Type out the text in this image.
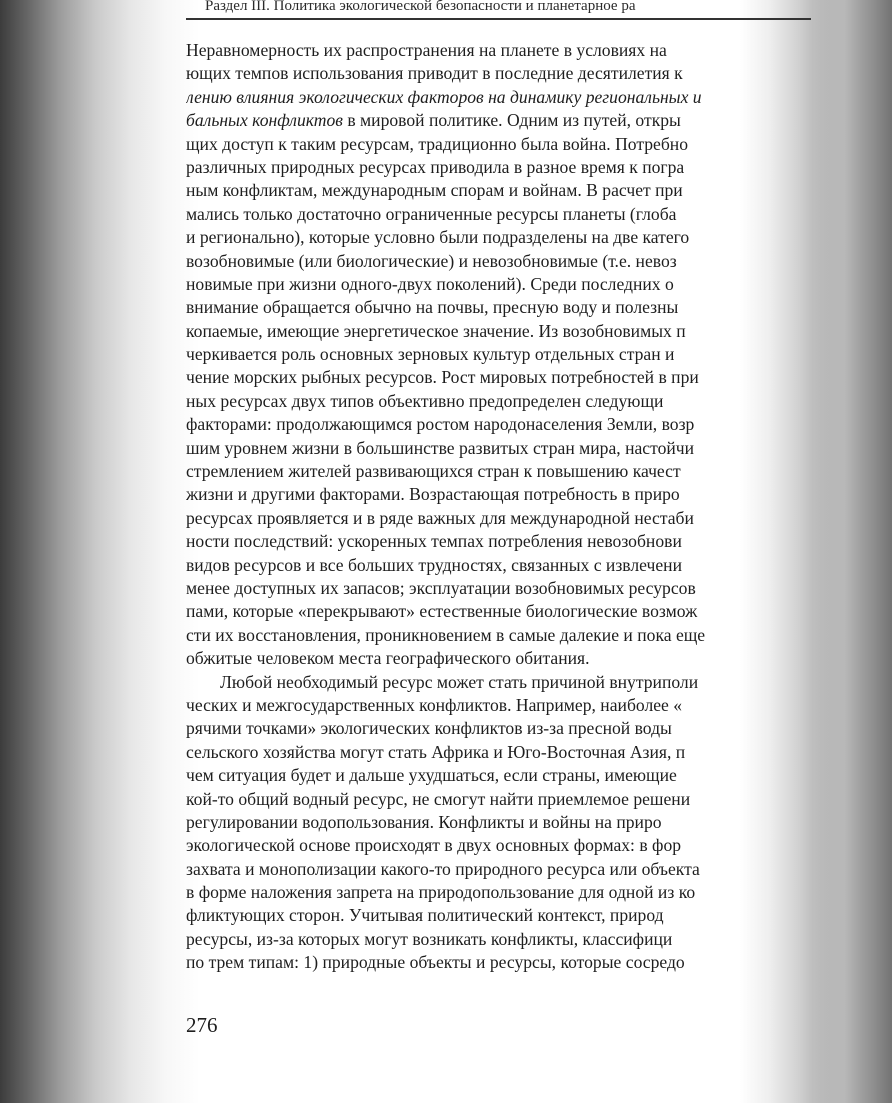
Раздел III. Политика экологической безопасности и планетарное ра
Неравномерность их распространения на планете в условиях на
ющих темпов использования приводит в последние десятилетия к
лению влияния экологических факторов на динамику региональных и
бальных конфликтов в мировой политике. Одним из путей, откры
щих доступ к таким ресурсам, традиционно была война. Потребно
различных природных ресурсах приводила в разное время к погра
ным конфликтам, международным спорам и войнам. В расчет при
мались только достаточно ограниченные ресурсы планеты (глоба
и регионально), которые условно были подразделены на две катего
возобновимые (или биологические) и невозобновимые (т.е. невоз
новимые при жизни одного-двух поколений). Среди последних о
внимание обращается обычно на почвы, пресную воду и полезны
копаемые, имеющие энергетическое значение. Из возобновимых п
черкивается роль основных зерновых культур отдельных стран и
чение морских рыбных ресурсов. Рост мировых потребностей в при
ных ресурсах двух типов объективно предопределен следующи
факторами: продолжающимся ростом народонаселения Земли, возр
шим уровнем жизни в большинстве развитых стран мира, настойчи
стремлением жителей развивающихся стран к повышению качест
жизни и другими факторами. Возрастающая потребность в приро
ресурсах проявляется и в ряде важных для международной нестаби
ности последствий: ускоренных темпах потребления невозобнови
видов ресурсов и все больших трудностях, связанных с извлечени
менее доступных их запасов; эксплуатации возобновимых ресурсов
пами, которые «перекрывают» естественные биологические возмож
сти их восстановления, проникновением в самые далекие и пока еще
обжитые человеком места географического обитания.
Любой необходимый ресурс может стать причиной внутриполи
ческих и межгосударственных конфликтов. Например, наиболее «
рячими точками» экологических конфликтов из-за пресной воды
сельского хозяйства могут стать Африка и Юго-Восточная Азия, п
чем ситуация будет и дальше ухудшаться, если страны, имеющие
кой-то общий водный ресурс, не смогут найти приемлемое решени
регулировании водопользования. Конфликты и войны на приро
экологической основе происходят в двух основных формах: в фор
захвата и монополизации какого-то природного ресурса или объекта
в форме наложения запрета на природопользование для одной из ко
фликтующих сторон. Учитывая политический контекст, природ
ресурсы, из-за которых могут возникать конфликты, классифици
по трем типам: 1) природные объекты и ресурсы, которые сосредо
276
